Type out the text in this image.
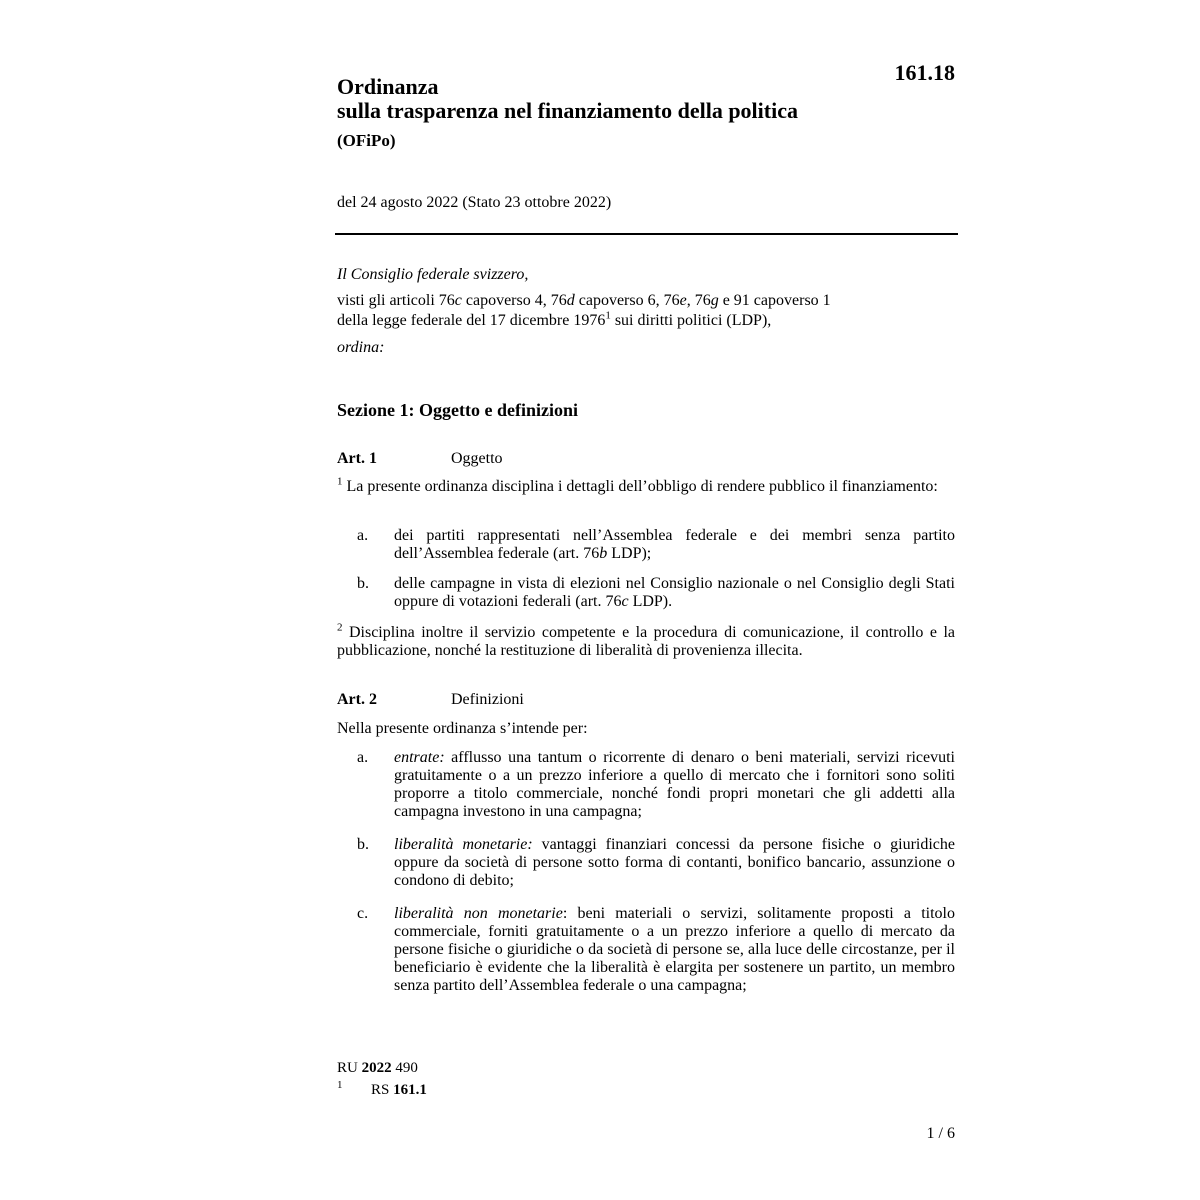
161.18
Ordinanza
sulla trasparenza nel finanziamento della politica
(OFiPo)
del 24 agosto 2022 (Stato 23 ottobre 2022)
Il Consiglio federale svizzero,
visti gli articoli 76c capoverso 4, 76d capoverso 6, 76e, 76g e 91 capoverso 1
della legge federale del 17 dicembre 1976$^1$ sui diritti politici (LDP),
ordina:
Sezione 1: Oggetto e definizioni
Art. 1	Oggetto
$^1$ La presente ordinanza disciplina i dettagli dell’obbligo di rendere pubblico il finanziamento:
a. dei partiti rappresentati nell’Assemblea federale e dei membri senza partito dell’Assemblea federale (art. 76b LDP);
b. delle campagne in vista di elezioni nel Consiglio nazionale o nel Consiglio degli Stati oppure di votazioni federali (art. 76c LDP).
$^2$ Disciplina inoltre il servizio competente e la procedura di comunicazione, il controllo e la pubblicazione, nonché la restituzione di liberalità di provenienza illecita.
Art. 2	Definizioni
Nella presente ordinanza s’intende per:
a. entrate: afflusso una tantum o ricorrente di denaro o beni materiali, servizi ricevuti gratuitamente o a un prezzo inferiore a quello di mercato che i fornitori sono soliti proporre a titolo commerciale, nonché fondi propri monetari che gli addetti alla campagna investono in una campagna;
b. liberalità monetarie: vantaggi finanziari concessi da persone fisiche o giuridiche oppure da società di persone sotto forma di contanti, bonifico bancario, assunzione o condono di debito;
c. liberalità non monetarie: beni materiali o servizi, solitamente proposti a titolo commerciale, forniti gratuitamente o a un prezzo inferiore a quello di mercato da persone fisiche o giuridiche o da società di persone se, alla luce delle circostanze, per il beneficiario è evidente che la liberalità è elargita per sostenere un partito, un membro senza partito dell’Assemblea federale o una campagna;
RU 2022 490
1 RS 161.1
1 / 6
